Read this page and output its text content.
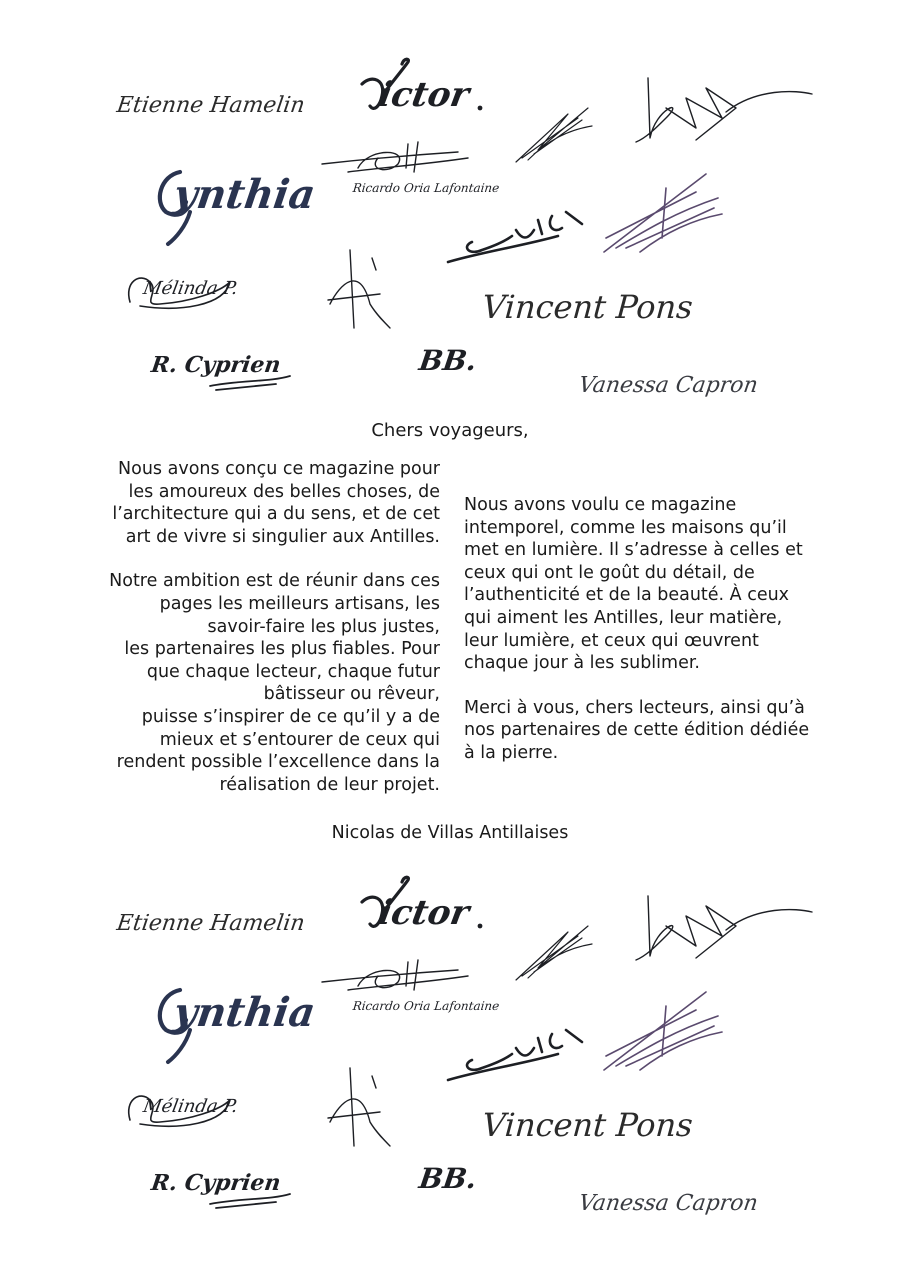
Etienne Hamelin ictor
ynthia	Ricardo Oria Lafontaine
Mélinda P.	Vincent Pons
R. Cyprien	BB.
Vanessa Capron
Chers voyageurs,

Nous avons conçu ce magazine pour
les amoureux des belles choses, de
l’architecture qui a du sens, et de cet
art de vivre si singulier aux Antilles.

Notre ambition est de réunir dans ces
pages les meilleurs artisans, les
savoir-faire les plus justes,
les partenaires les plus fiables. Pour
que chaque lecteur, chaque futur
bâtisseur ou rêveur,
puisse s’inspirer de ce qu’il y a de
mieux et s’entourer de ceux qui
rendent possible l’excellence dans la
réalisation de leur projet.

Nous avons voulu ce magazine
intemporel, comme les maisons qu’il
met en lumière. Il s’adresse à celles et
ceux qui ont le goût du détail, de
l’authenticité et de la beauté. À ceux
qui aiment les Antilles, leur matière,
leur lumière, et ceux qui œuvrent
chaque jour à les sublimer.

Merci à vous, chers lecteurs, ainsi qu’à
nos partenaires de cette édition dédiée
à la pierre.

Nicolas de Villas Antillaises
Etienne Hamelin ictor
ynthia	Ricardo Oria Lafontaine
Mélinda P.	Vincent Pons
R. Cyprien	BB.
Vanessa Capron
